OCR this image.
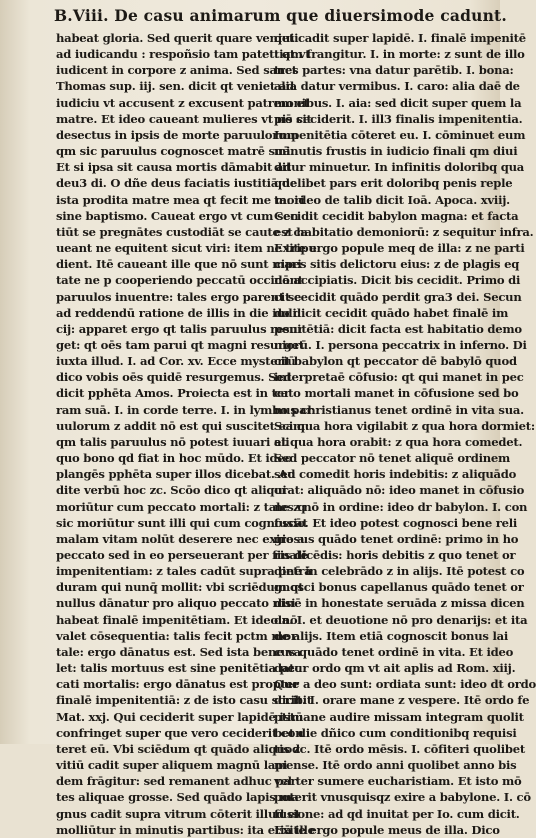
B.Viii. De casu animarum que diuersimode cadunt.
habeat gloria. Sed querit quare venieti
ad iudicandu : respoñsio tam patet: qt vt
iudicent in corpore z anima. Sed sanct
Thomas sup. iij. sen. dicit qt veniet ad
iudiciu vt accusent z excusent patrem et
matre. Et ideo caueant mulieres vt nō sit
desectus in ipsis de morte paruulorum
qm sic paruulus cognoscet matrē suā.
Et si ipsa sit causa mortis dāmabit ad
deu3 di. O dñe deus faciatis iustitiā de
ista prodita matre mea qt fecit me mori
sine baptismo. Caueat ergo vt cum sen
tiūt se pregnātes custodiāt se caute z ca
ueant ne equitent sicut viri: item ne tripu
dient. Itē caueant ille que nō sunt mari
tate ne p cooperiendo peccatū occidant
paruulos inuentre: tales ergo parent se
ad reddendū ratione de illis in die iudi
cij: apparet ergo qt talis paruulus resur
get: qt oēs tam parui qt magni resurget
iuxta illud. I. ad Cor. xv. Ecce mysteriū
dico vobis oēs quidē resurgemus. Sed
dicit pphēta Amos. Proiecta est in ter
ram suā. I. in corde terre. I. in lymbo par
uulorum z addit nō est qui suscitet eam:
qm talis paruulus nō potest iuuari ali
quo bono qd fiat in hoc mūdo. Et ideo
plangēs pphēta super illos dicebat. Au
dite verbū hoc zc. Scōo dico qt aliqui
moriūtur cum peccato mortali: z tales q
sic moriūtur sunt illi qui cum cognoscāt
malam vitam nolūt deserere nec exire a
peccato sed in eo perseuerant per finalē
impenitentiam: z tales cadūt supra petrā
duram qui nunq̄ mollit: vbi scriēdum qt
nullus dānatur pro aliquo peccato nisi
habeat finalē impenitētiam. Et ideo nō
valet cōsequentia: talis fecit pctm mor
tale: ergo dānatus est. Sed ista bene va
let: talis mortuus est sine penitētia pec
cati mortalis: ergo dānatus est propter
finalē impenitentiā: z de isto casu scribit
Mat. xxj. Qui ceciderit super lapidē istū
confringet super que vero ceciderit con
teret eū. Vbi sciēdum qt quādo aliquod
vitiū cadit super aliquem magnū lapi
dem frāgitur: sed remanent adhuc par
tes aliquae grosse. Sed quādo lapis ma
gnus cadit supra vitrum cōterit illud et
molliūtur in minutis partibus: ita etiā ille
qui cadit super lapidē. I. finalē impenitē
tiam frangitur. I. in morte: z sunt de illo
tres partes: vna datur parētib. I. bona:
alia datur vermibus. I. caro: alia daē de
monibus. I. aia: sed dicit super quem la
pis ceciderit. I. ill3 finalis impenitentia.
Impenitētia cōteret eu. I. cōminuet eum
minutis frustis in iudicio finali qm diui
ditur minuetur. In infinitis doloribq qua
quelibet pars erit doloribq penis reple
ta: ideo de talib dicit Ioā. Apoca. xviij.
Cecidit cecidit babylon magna: et facta
est habitatio demoniorū: z sequitur infra.
Exite ergo popule meq de illa: z ne parti
cipes sitis delictoru eius: z de plagis eq
nō accipiatis. Dicit bis cecidit. Primo di
cit cecidit quādo perdit gra3 dei. Secun
do dicit cecidit quādo habet finalē im
penitētiā: dicit facta est habitatio demo
niorū. I. persona peccatrix in inferno. Di
cit babylon qt peccator dē babylō quod
interpretaē cōfusio: qt qui manet in pec
cato mortali manet in cōfusione sed bo
nus christianus tenet ordinē in vita sua.
Sci qua hora vigilabit z qua hora dormiet:
et qua hora orabit: z qua hora comedet.
Sed peccator nō tenet aliquē ordinem
sed comedit horis indebitis: z aliquādo
orat: aliquādo nō: ideo manet in cōfusio
ne z nō in ordine: ideo dr babylon. I. con
fusio. Et ideo potest cognosci bene reli
giosus quādo tenet ordinē: primo in ho
ris dicēdis: horis debitis z quo tenet or
dinē in celebrādo z in alijs. Itē potest co
gnosci bonus capellanus quādo tenet or
dinē in honestate seruāda z missa dicen
da. I. et deuotione nō pro denarijs: et ita
de alijs. Item etiā cognoscit bonus lai
cus quādo tenet ordinē in vita. Et ideo
datur ordo qm vt ait aplis ad Rom. xiij.
Que a deo sunt: ordiata sunt: ideo dt ordo
dicit. I. orare mane z vespere. Itē ordo fe
ptimane audire missam integram quolit
bet die dñico cum conditionibq requisi
tis zc. Itē ordo mēsis. I. cōfiteri quolibet
mense. Itē ordo anni quolibet anno bis
vel ter sumere eucharistiam. Et isto mō
poterit vnusquisqz exire a babylone. I. cō
fusione: ad qd inuitat per Io. cum dicit.
Exite ergo popule meus de illa. Dico
